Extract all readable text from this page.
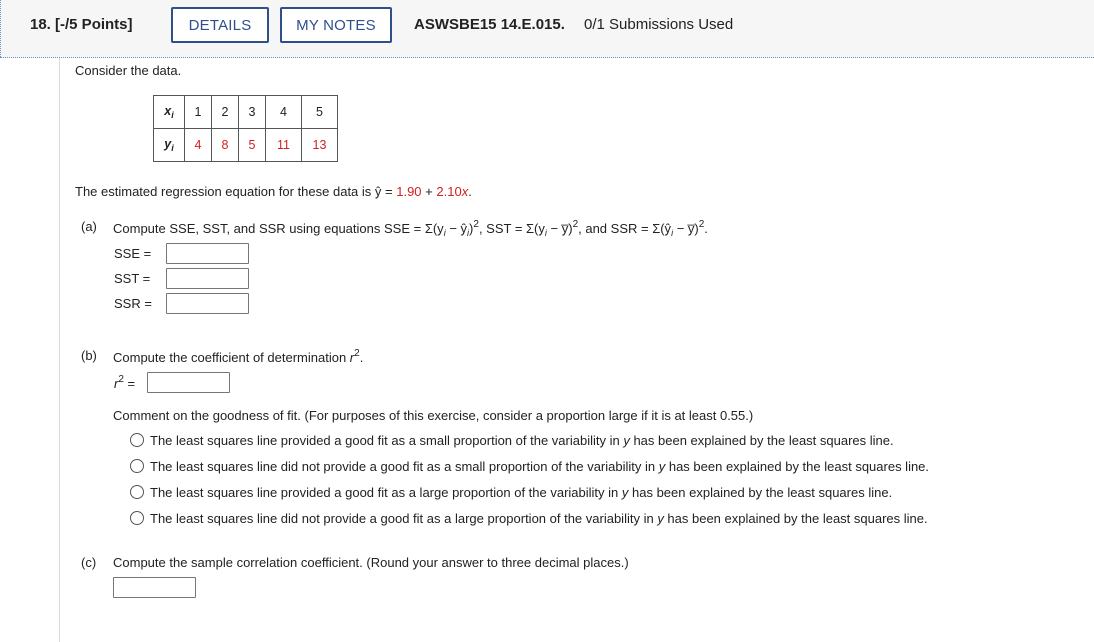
18. [-/5 Points]	DETAILS	MY NOTES	ASWSBE15 14.E.015. 0/1 Submissions Used
Consider the data.
$x_i$	1	2	3	4	5
$y_i$	4	8	5	11	13
The estimated regression equation for these data is ŷ = 1.90 + 2.10x.
(a) Compute SSE, SST, and SSR using equations SSE = $\Sigma(y_i$ − $ŷ_i)^2$, SST = $\Sigma(y_i$ − y̅)$^2$, and SSR = $\Sigma(ŷ_i$ − y̅)$^2$.
SSE =
SST =
SSR =
(b) Compute the coefficient of determination $r^2$.
$r^2$ =
Comment on the goodness of fit. (For purposes of this exercise, consider a proportion large if it is at least 0.55.)
The least squares line provided a good fit as a small proportion of the variability in y has been explained by the least squares line.
The least squares line did not provide a good fit as a small proportion of the variability in y has been explained by the least squares line.
The least squares line provided a good fit as a large proportion of the variability in y has been explained by the least squares line.
The least squares line did not provide a good fit as a large proportion of the variability in y has been explained by the least squares line.
(c) Compute the sample correlation coefficient. (Round your answer to three decimal places.)
